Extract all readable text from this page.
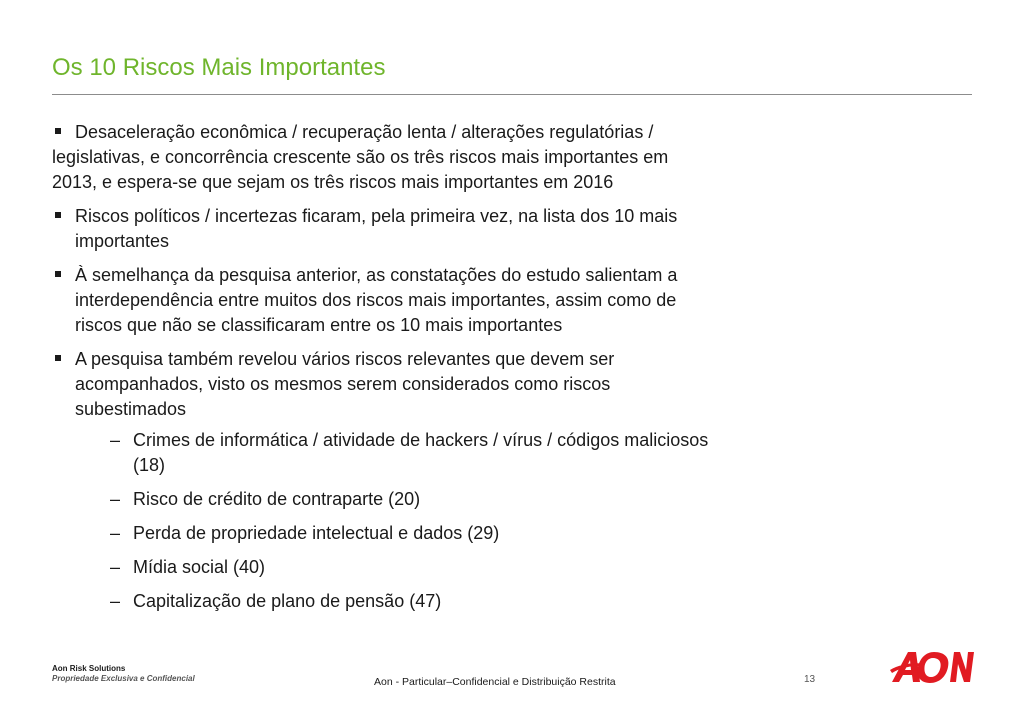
Os 10 Riscos Mais Importantes
Desaceleração econômica / recuperação lenta / alterações regulatórias / legislativas, e concorrência crescente são os três riscos mais importantes em 2013, e espera-se que sejam os três riscos mais importantes em 2016
Riscos políticos / incertezas ficaram, pela primeira vez, na lista dos 10 mais importantes
À semelhança da pesquisa anterior, as constatações do estudo salientam a interdependência entre muitos dos riscos mais importantes, assim como de riscos que não se classificaram entre os 10 mais importantes
A pesquisa também revelou vários riscos relevantes que devem ser acompanhados, visto os mesmos serem considerados como riscos subestimados
– Crimes de informática / atividade de hackers / vírus / códigos maliciosos (18)
– Risco de crédito de contraparte (20)
– Perda de propriedade intelectual e dados (29)
– Mídia social (40)
– Capitalização de plano de pensão (47)
Aon Risk Solutions
Propriedade Exclusiva e Confidencial	Aon - Particular–Confidencial e Distribuição Restrita	13
